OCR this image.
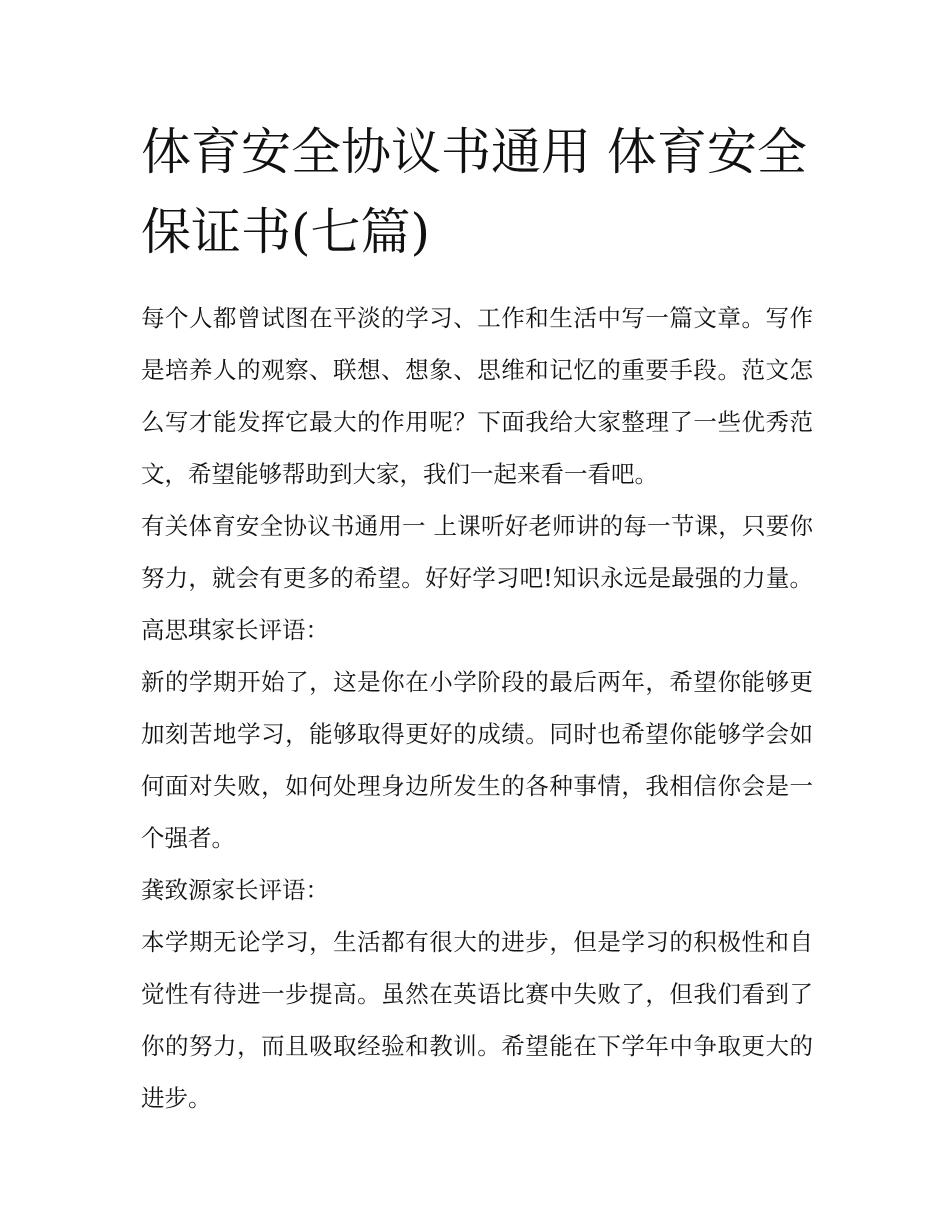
体育安全协议书通用 体育安全保证书(七篇)

每个人都曾试图在平淡的学习、工作和生活中写一篇文章。写作是培养人的观察、联想、想象、思维和记忆的重要手段。范文怎么写才能发挥它最大的作用呢？下面我给大家整理了一些优秀范文，希望能够帮助到大家，我们一起来看一看吧。

有关体育安全协议书通用一 上课听好老师讲的每一节课，只要你努力，就会有更多的希望。好好学习吧!知识永远是最强的力量。 高思琪家长评语：

新的学期开始了，这是你在小学阶段的最后两年，希望你能够更加刻苦地学习，能够取得更好的成绩。同时也希望你能够学会如何面对失败，如何处理身边所发生的各种事情，我相信你会是一个强者。

龚致源家长评语：

本学期无论学习，生活都有很大的进步，但是学习的积极性和自觉性有待进一步提高。虽然在英语比赛中失败了，但我们看到了你的努力，而且吸取经验和教训。希望能在下学年中争取更大的进步。
